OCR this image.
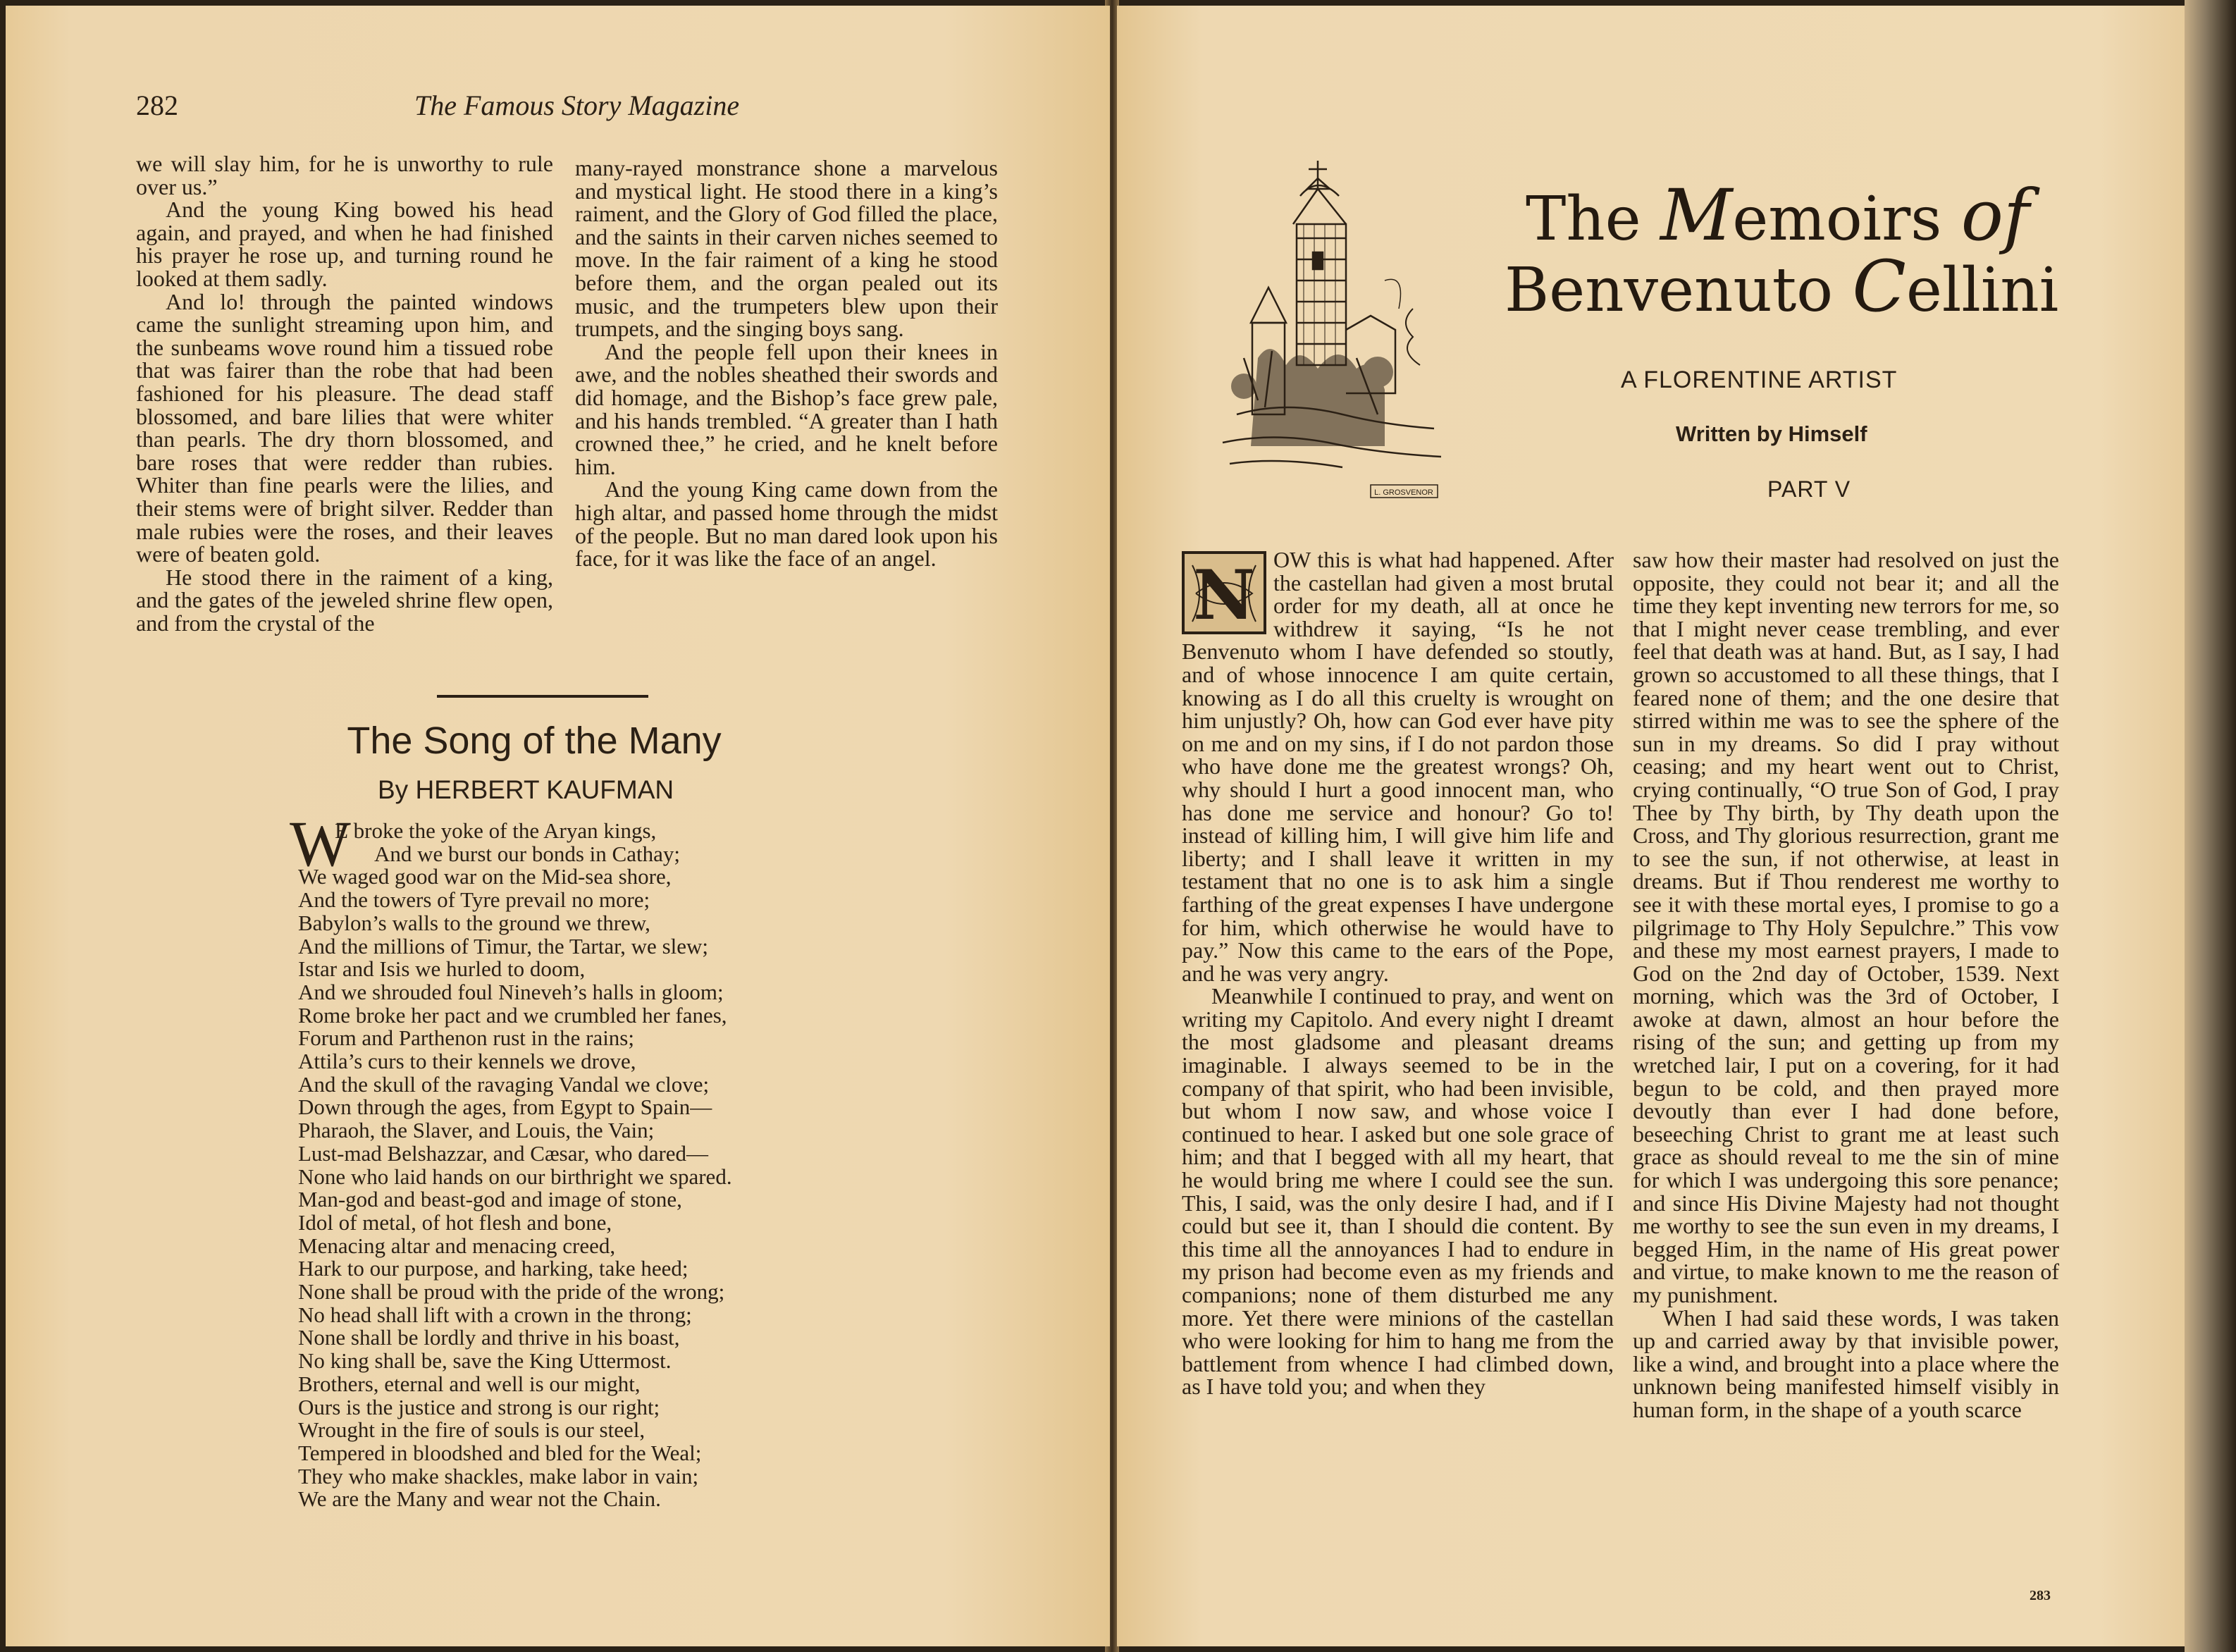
282	The Famous Story Magazine

we will slay him, for he is unworthy to rule over us.”

And the young King bowed his head again, and prayed, and when he had finished his prayer he rose up, and turning round he looked at them sadly.

And lo! through the painted windows came the sunlight streaming upon him, and the sunbeams wove round him a tissued robe that was fairer than the robe that had been fashioned for his pleasure. The dead staff blossomed, and bare lilies that were whiter than pearls. The dry thorn blossomed, and bare roses that were redder than rubies. Whiter than fine pearls were the lilies, and their stems were of bright silver. Redder than male rubies were the roses, and their leaves were of beaten gold.

He stood there in the raiment of a king, and the gates of the jeweled shrine flew open, and from the crystal of the

many-rayed monstrance shone a marvelous and mystical light. He stood there in a king’s raiment, and the Glory of God filled the place, and the saints in their carven niches seemed to move. In the fair raiment of a king he stood before them, and the organ pealed out its music, and the trumpeters blew upon their trumpets, and the singing boys sang.

And the people fell upon their knees in awe, and the nobles sheathed their swords and did homage, and the Bishop’s face grew pale, and his hands trembled. “A greater than I hath crowned thee,” he cried, and he knelt before him.

And the young King came down from the high altar, and passed home through the midst of the people. But no man dared look upon his face, for it was like the face of an angel.

The Song of the Many
By HERBERT KAUFMAN
W
E broke the yoke of the Aryan kings,
And we burst our bonds in Cathay;
We waged good war on the Mid-sea shore,
And the towers of Tyre prevail no more;
Babylon’s walls to the ground we threw,
And the millions of Timur, the Tartar, we slew;
Istar and Isis we hurled to doom,
And we shrouded foul Nineveh’s halls in gloom;
Rome broke her pact and we crumbled her fanes,
Forum and Parthenon rust in the rains;
Attila’s curs to their kennels we drove,
And the skull of the ravaging Vandal we clove;
Down through the ages, from Egypt to Spain—
Pharaoh, the Slaver, and Louis, the Vain;
Lust-mad Belshazzar, and Cæsar, who dared—
None who laid hands on our birthright we spared.
Man-god and beast-god and image of stone,
Idol of metal, of hot flesh and bone,
Menacing altar and menacing creed,
Hark to our purpose, and harking, take heed;
None shall be proud with the pride of the wrong;
No head shall lift with a crown in the throng;
None shall be lordly and thrive in his boast,
No king shall be, save the King Uttermost.
Brothers, eternal and well is our might,
Ours is the justice and strong is our right;
Wrought in the fire of souls is our steel,
Tempered in bloodshed and bled for the Weal;
They who make shackles, make labor in vain;
We are the Many and wear not the Chain.
L. GROSVENOR
The Memoirs of
Benvenuto Cellini
A FLORENTINE ARTIST
Written by Himself
PART V
N OW this is what had happened. After the castellan had given a most brutal order for my death, all at once he withdrew it saying, “Is he not Benvenuto whom I have defended so stoutly, and of whose innocence I am quite certain, knowing as I do all this cruelty is wrought on him unjustly? Oh, how can God ever have pity on me and on my sins, if I do not pardon those who have done me the greatest wrongs? Oh, why should I hurt a good innocent man, who has done me service and honour? Go to! instead of killing him, I will give him life and liberty; and I shall leave it written in my testament that no one is to ask him a single farthing of the great expenses I have undergone for him, which otherwise he would have to pay.” Now this came to the ears of the Pope, and he was very angry.

Meanwhile I continued to pray, and went on writing my Capitolo. And every night I dreamt the most gladsome and pleasant dreams imaginable. I always seemed to be in the company of that spirit, who had been invisible, but whom I now saw, and whose voice I continued to hear. I asked but one sole grace of him; and that I begged with all my heart, that he would bring me where I could see the sun. This, I said, was the only desire I had, and if I could but see it, than I should die content. By this time all the annoyances I had to endure in my prison had become even as my friends and companions; none of them disturbed me any more. Yet there were minions of the castellan who were looking for him to hang me from the battlement from whence I had climbed down, as I have told you; and when they

saw how their master had resolved on just the opposite, they could not bear it; and all the time they kept inventing new terrors for me, so that I might never cease trembling, and ever feel that death was at hand. But, as I say, I had grown so accustomed to all these things, that I feared none of them; and the one desire that stirred within me was to see the sphere of the sun in my dreams. So did I pray without ceasing; and my heart went out to Christ, crying continually, “O true Son of God, I pray Thee by Thy birth, by Thy death upon the Cross, and Thy glorious resurrection, grant me to see the sun, if not otherwise, at least in dreams. But if Thou renderest me worthy to see it with these mortal eyes, I promise to go a pilgrimage to Thy Holy Sepulchre.” This vow and these my most earnest prayers, I made to God on the 2nd day of October, 1539. Next morning, which was the 3rd of October, I awoke at dawn, almost an hour before the rising of the sun; and getting up from my wretched lair, I put on a covering, for it had begun to be cold, and then prayed more devoutly than ever I had done before, beseeching Christ to grant me at least such grace as should reveal to me the sin of mine for which I was undergoing this sore penance; and since His Divine Majesty had not thought me worthy to see the sun even in my dreams, I begged Him, in the name of His great power and virtue, to make known to me the reason of my punishment.

When I had said these words, I was taken up and carried away by that invisible power, like a wind, and brought into a place where the unknown being manifested himself visibly in human form, in the shape of a youth scarce

283
